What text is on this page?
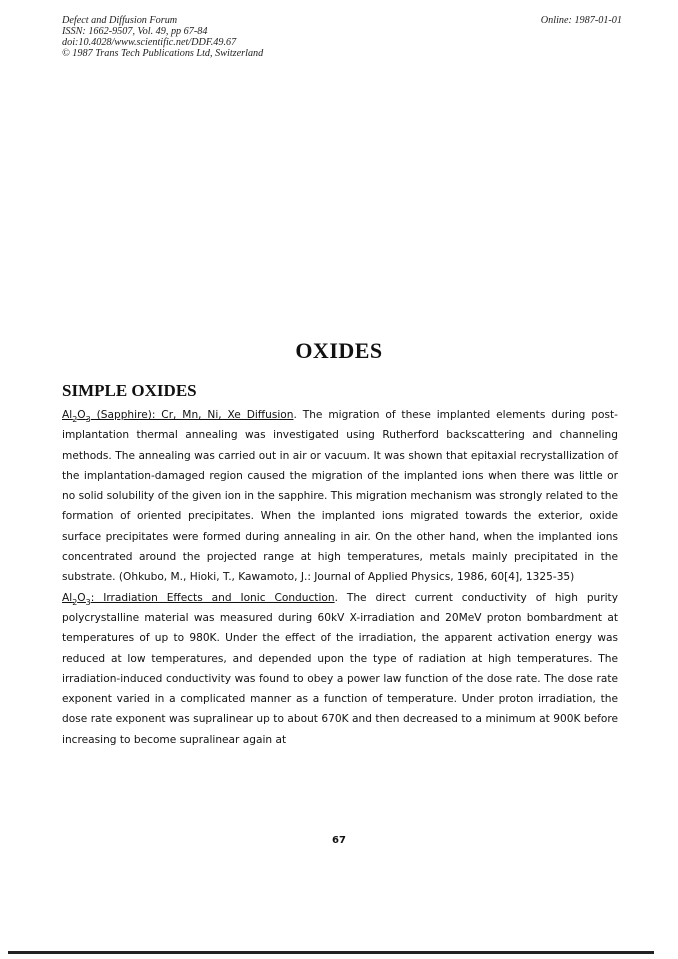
Defect and Diffusion Forum
ISSN: 1662-9507, Vol. 49, pp 67-84
doi:10.4028/www.scientific.net/DDF.49.67
© 1987 Trans Tech Publications Ltd, Switzerland
Online: 1987-01-01
OXIDES
SIMPLE OXIDES

$Al_2O_3$ (Sapphire): Cr, Mn, Ni, Xe Diffusion. The migration of these implanted elements during post-implantation thermal annealing was investigated using Rutherford backscattering and channeling methods. The annealing was carried out in air or vacuum. It was shown that epitaxial recrystallization of the implantation-damaged region caused the migration of the implanted ions when there was little or no solid solubility of the given ion in the sapphire. This migration mechanism was strongly related to the formation of oriented precipitates. When the implanted ions migrated towards the exterior, oxide surface precipitates were formed during annealing in air. On the other hand, when the implanted ions concentrated around the projected range at high temperatures, metals mainly precipitated in the substrate. (Ohkubo, M., Hioki, T., Kawamoto, J.: Journal of Applied Physics, 1986, 60[4], 1325-35)

$Al_2O_3$: Irradiation Effects and Ionic Conduction. The direct current conductivity of high purity polycrystalline material was measured during 60kV X-irradiation and 20MeV proton bombardment at temperatures of up to 980K. Under the effect of the irradiation, the apparent activation energy was reduced at low temperatures, and depended upon the type of radiation at high temperatures. The irradiation-induced conductivity was found to obey a power law function of the dose rate. The dose rate exponent varied in a complicated manner as a function of temperature. Under proton irradiation, the dose rate exponent was supralinear up to about 670K and then decreased to a minimum at 900K before increasing to become supralinear again at

67
